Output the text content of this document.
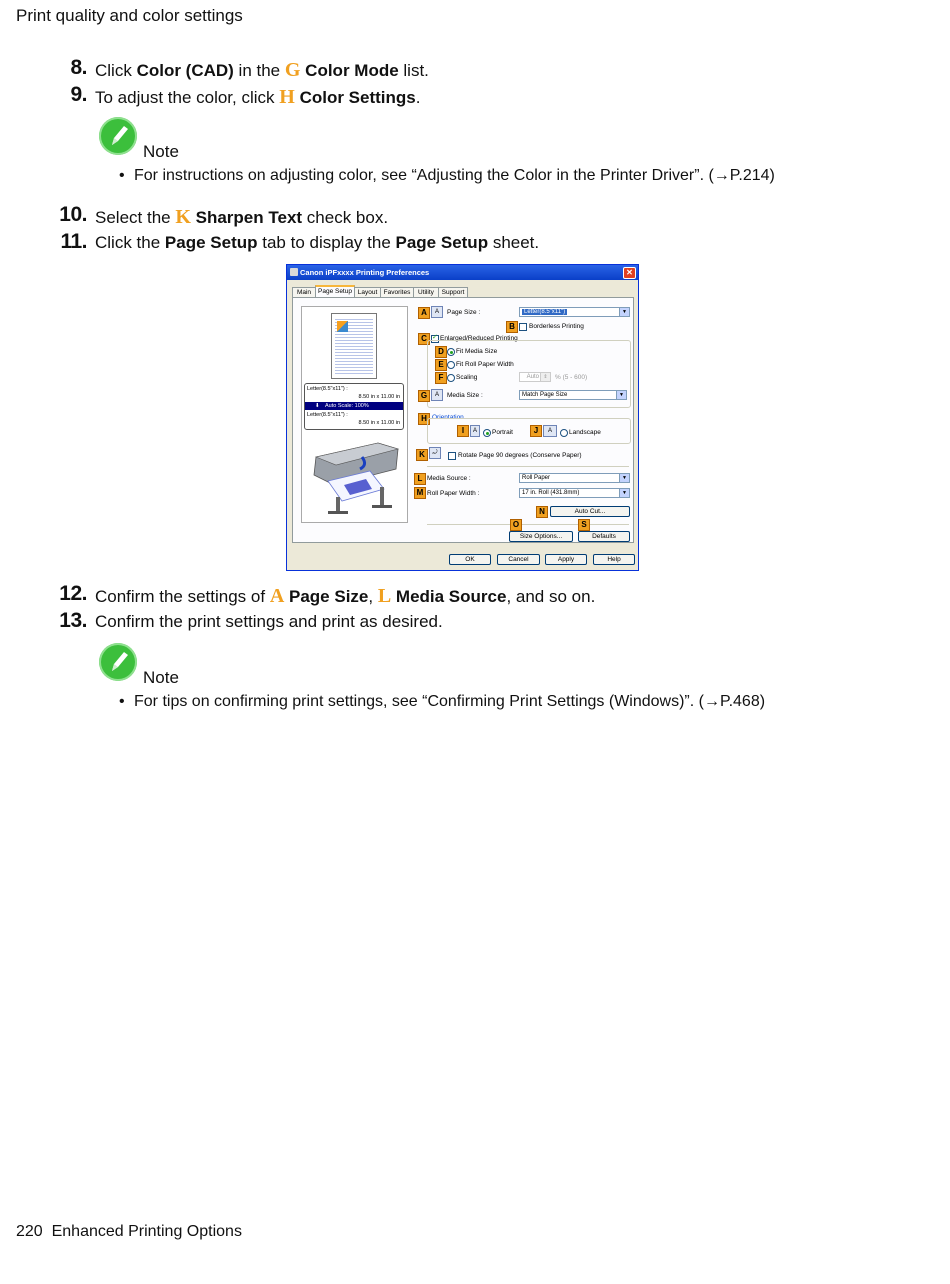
Print quality and color settings
8. Click Color (CAD) in the G Color Mode list.
9. To adjust the color, click H Color Settings.
Note
• For instructions on adjusting color, see “Adjusting the Color in the Printer Driver”. (→P.214)
10. Select the K Sharpen Text check box.
11. Click the Page Setup tab to display the Page Setup sheet.
Canon iPFxxxx Printing Preferences	✕
Main	Page Setup Layout Favorites	Utility	Support
Letter(8.5"x11") :
8.50 in x 11.00 in
⬇ Auto Scale: 100%
Letter(8.5"x11") :
8.50 in x 11.00 in
A	A	Page Size :	Letter(8.5"x11")	▼
B	Borderless Printing
C
✓	Enlarged/Reduced Printing
D	Fit Media Size
E	Fit Roll Paper Width
F	Scaling	Auto ⇕	% (5 - 600)
G	A	Media Size :	Match Page Size	▼
H Orientation
I	A	Portrait	J	A	Landscape
K	⤾	Rotate Page 90 degrees (Conserve Paper)
L Media Source :	Roll Paper	▼
M Roll Paper Width :	17 in. Roll (431.8mm)	▼
N	Auto Cut...
O	S
Size Options...	Defaults
OK	Cancel	Apply	Help
12. Confirm the settings of A Page Size, L Media Source, and so on.
13. Confirm the print settings and print as desired.
Note
• For tips on confirming print settings, see “Confirming Print Settings (Windows)”. (→P.468)
220 Enhanced Printing Options
